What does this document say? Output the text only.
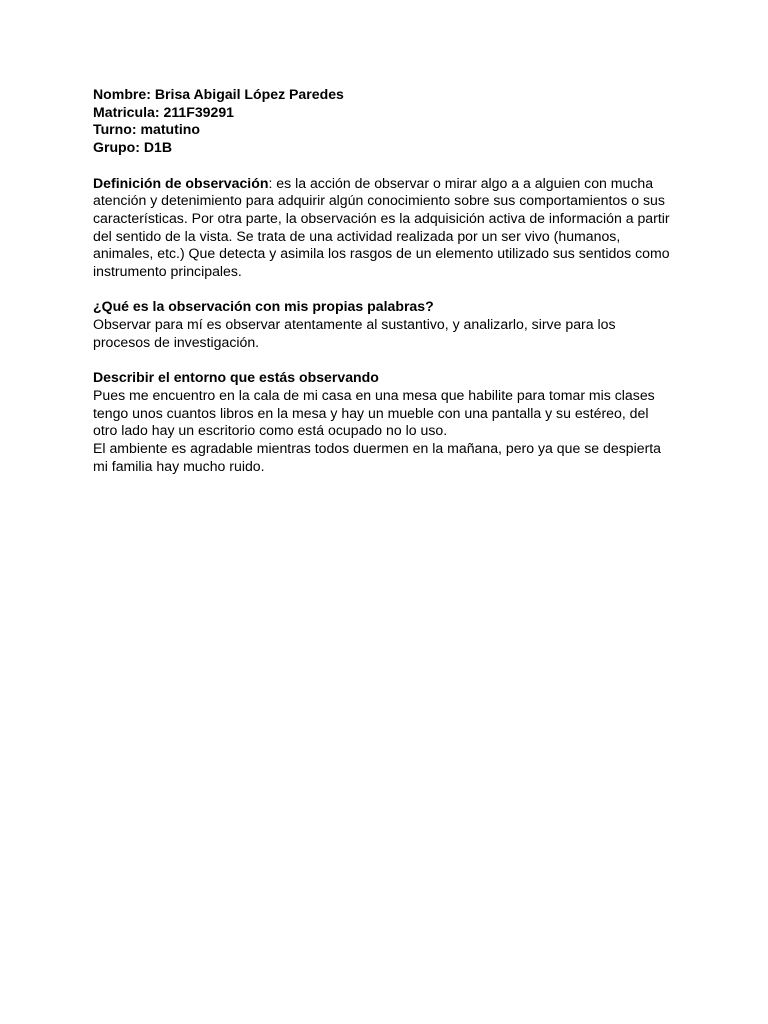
Nombre: Brisa Abigail López Paredes

Matricula: 211F39291

Turno: matutino

Grupo: D1B

Definición de observación: es la acción de observar o mirar algo a a alguien con mucha atención y detenimiento para adquirir algún conocimiento sobre sus comportamientos o sus características. Por otra parte, la observación es la adquisición activa de información a partir del sentido de la vista. Se trata de una actividad realizada por un ser vivo (humanos, animales, etc.) Que detecta y asimila los rasgos de un elemento utilizado sus sentidos como instrumento principales.

¿Qué es la observación con mis propias palabras?

Observar para mí es observar atentamente al sustantivo, y analizarlo, sirve para los procesos de investigación.

Describir el entorno que estás observando

Pues me encuentro en la cala de mi casa en una mesa que habilite para tomar mis clases tengo unos cuantos libros en la mesa y hay un mueble con una pantalla y su estéreo, del otro lado hay un escritorio como está ocupado no lo uso.

El ambiente es agradable mientras todos duermen en la mañana, pero ya que se despierta mi familia hay mucho ruido.
